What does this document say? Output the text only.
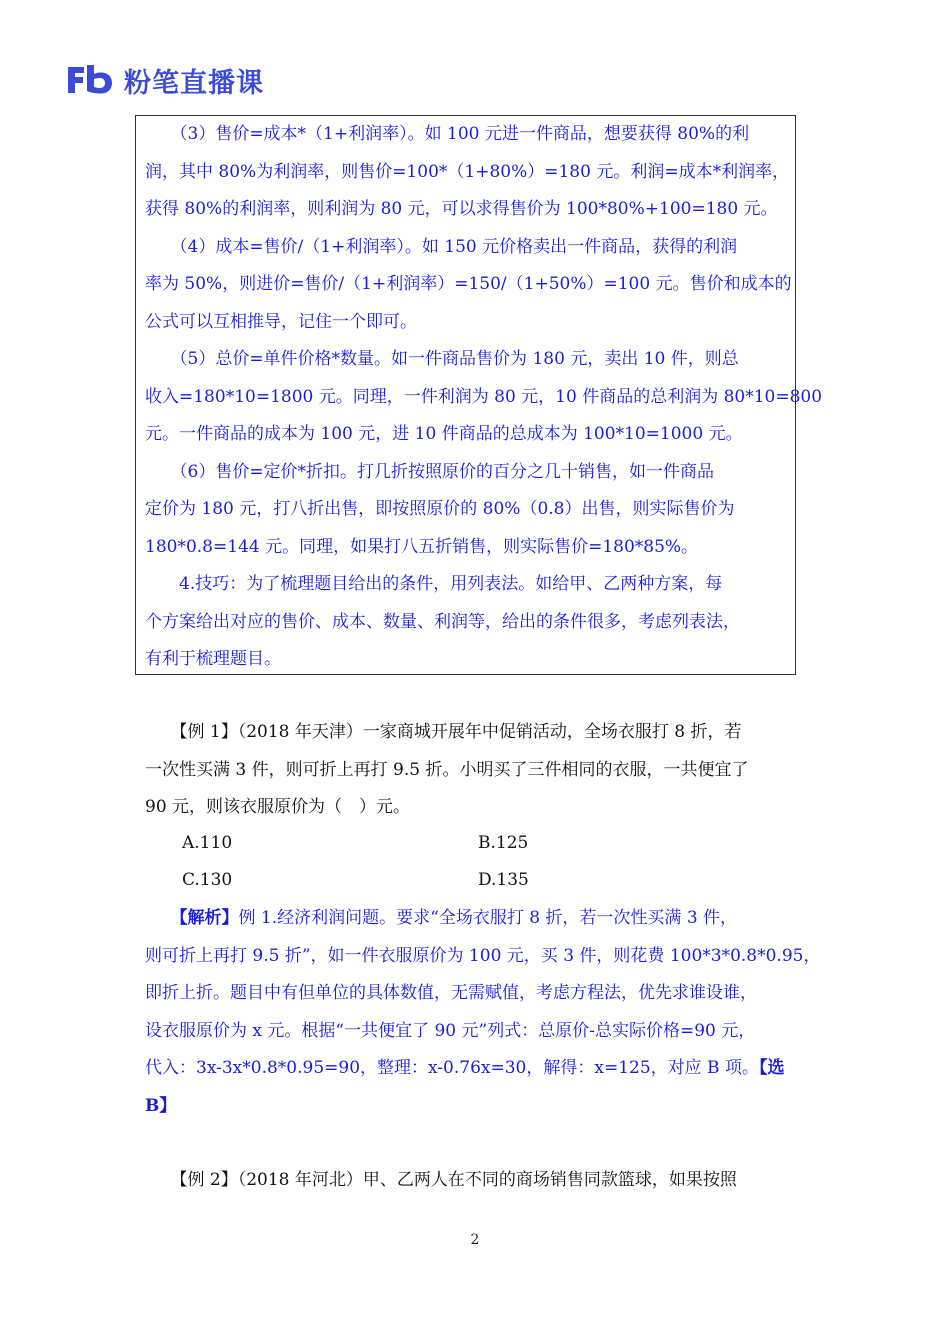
粉笔直播课
　　（3）售价=成本*（1+利润率）。如 100 元进一件商品，想要获得 80%的利
润，其中 80%为利润率，则售价=100*（1+80%）=180 元。利润=成本*利润率，
获得 80%的利润率，则利润为 80 元，可以求得售价为 100*80%+100=180 元。
　　（4）成本=售价/（1+利润率）。如 150 元价格卖出一件商品，获得的利润
率为 50%，则进价=售价/（1+利润率）=150/（1+50%）=100 元。售价和成本的
公式可以互相推导，记住一个即可。
　　（5）总价=单件价格*数量。如一件商品售价为 180 元，卖出 10 件，则总
收入=180*10=1800 元。同理，一件利润为 80 元，10 件商品的总利润为 80*10=800
元。一件商品的成本为 100 元，进 10 件商品的总成本为 100*10=1000 元。
　　（6）售价=定价*折扣。打几折按照原价的百分之几十销售，如一件商品
定价为 180 元，打八折出售，即按照原价的 80%（0.8）出售，则实际售价为
180*0.8=144 元。同理，如果打八五折销售，则实际售价=180*85%。
　　4.技巧：为了梳理题目给出的条件，用列表法。如给甲、乙两种方案，每
个方案给出对应的售价、成本、数量、利润等，给出的条件很多，考虑列表法，
有利于梳理题目。
　　【例 1】（2018 年天津）一家商城开展年中促销活动，全场衣服打 8 折，若
一次性买满 3 件，则可折上再打 9.5 折。小明买了三件相同的衣服，一共便宜了
90 元，则该衣服原价为（　）元。
A.110	B.125
C.130	D.135
　　【解析】例 1.经济利润问题。要求“全场衣服打 8 折，若一次性买满 3 件，
则可折上再打 9.5 折”，如一件衣服原价为 100 元，买 3 件，则花费 100*3*0.8*0.95，
即折上折。题目中有但单位的具体数值，无需赋值，考虑方程法，优先求谁设谁，
设衣服原价为 x 元。根据“一共便宜了 90 元”列式：总原价-总实际价格=90 元，
代入：3x-3x*0.8*0.95=90，整理：x-0.76x=30，解得：x=125，对应 B 项。【选
B】
　　【例 2】（2018 年河北）甲、乙两人在不同的商场销售同款篮球，如果按照
2
